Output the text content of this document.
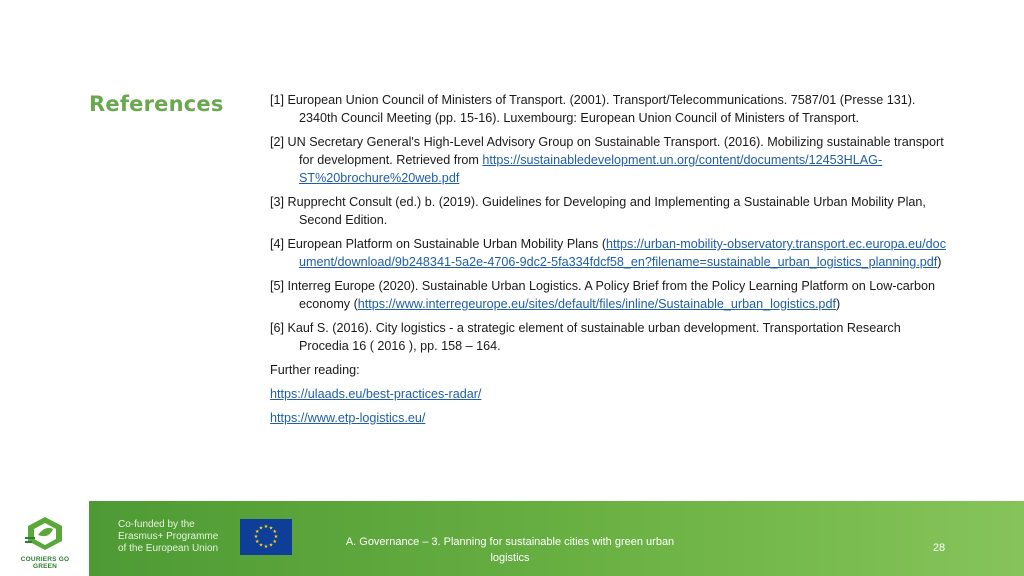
References	[1] European Union Council of Ministers of Transport. (2001). Transport/Telecommunications. 7587/01 (Presse 131). 2340th Council Meeting (pp. 15-16). Luxembourg: European Union Council of Ministers of Transport.
[2] UN Secretary General's High-Level Advisory Group on Sustainable Transport. (2016). Mobilizing sustainable transport for development. Retrieved from https://sustainabledevelopment.un.org/content/documents/12453HLAG-ST%20brochure%20web.pdf
[3] Rupprecht Consult (ed.) b. (2019). Guidelines for Developing and Implementing a Sustainable Urban Mobility Plan, Second Edition.
[4] European Platform on Sustainable Urban Mobility Plans (https://urban-mobility-observatory.transport.ec.europa.eu/document/download/9b248341-5a2e-4706-9dc2-5fa334fdcf58_en?filename=sustainable_urban_logistics_planning.pdf)
[5] Interreg Europe (2020). Sustainable Urban Logistics. A Policy Brief from the Policy Learning Platform on Low-carbon economy (https://www.interregeurope.eu/sites/default/files/inline/Sustainable_urban_logistics.pdf)
[6] Kauf S. (2016). City logistics - a strategic element of sustainable urban development. Transportation Research Procedia 16 ( 2016 ), pp. 158 – 164.
Further reading:
https://ulaads.eu/best-practices-radar/
https://www.etp-logistics.eu/
COURIERS GO GREEN
Co-funded by the
Erasmus+ Programme
of the European Union
★ ★
★
★
★
★
★
★
★
★
★
★
A. Governance – 3. Planning for sustainable cities with green urban logistics
28
